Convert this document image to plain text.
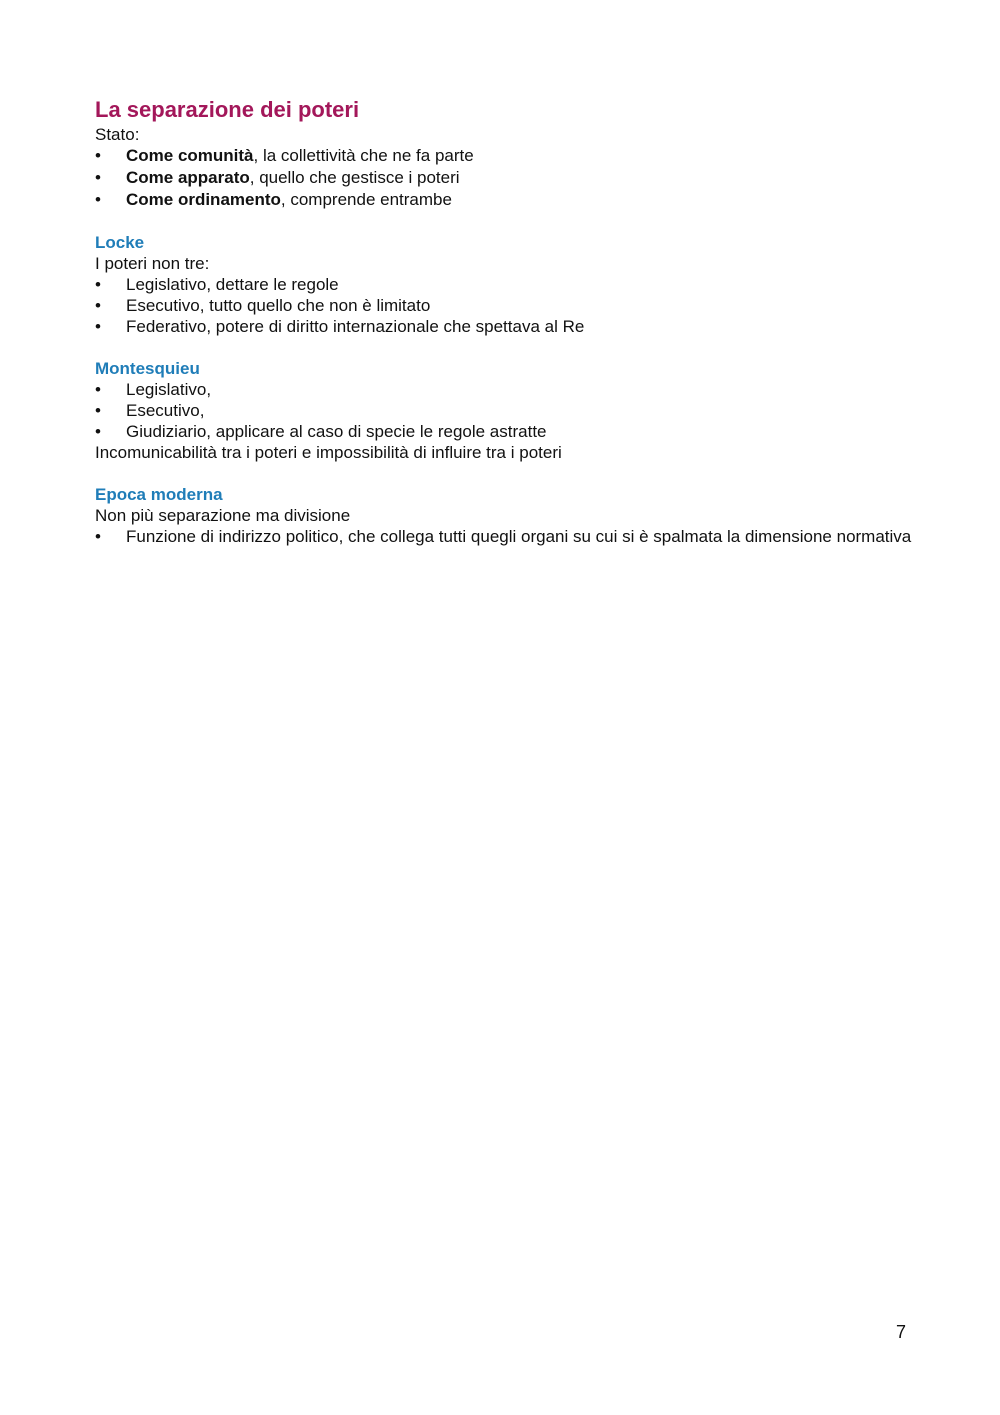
La separazione dei poteri

Stato:

• Come comunità, la collettività che ne fa parte
• Come apparato, quello che gestisce i poteri
• Come ordinamento, comprende entrambe
Locke

I poteri non tre:

• Legislativo, dettare le regole
• Esecutivo, tutto quello che non è limitato
• Federativo, potere di diritto internazionale che spettava al Re
Montesquieu
• Legislativo,
• Esecutivo,
• Giudiziario, applicare al caso di specie le regole astratte

Incomunicabilità tra i poteri e impossibilità di influire tra i poteri

Epoca moderna

Non più separazione ma divisione

• Funzione di indirizzo politico, che collega tutti quegli organi su cui si è spalmata la dimensione normativa
7
